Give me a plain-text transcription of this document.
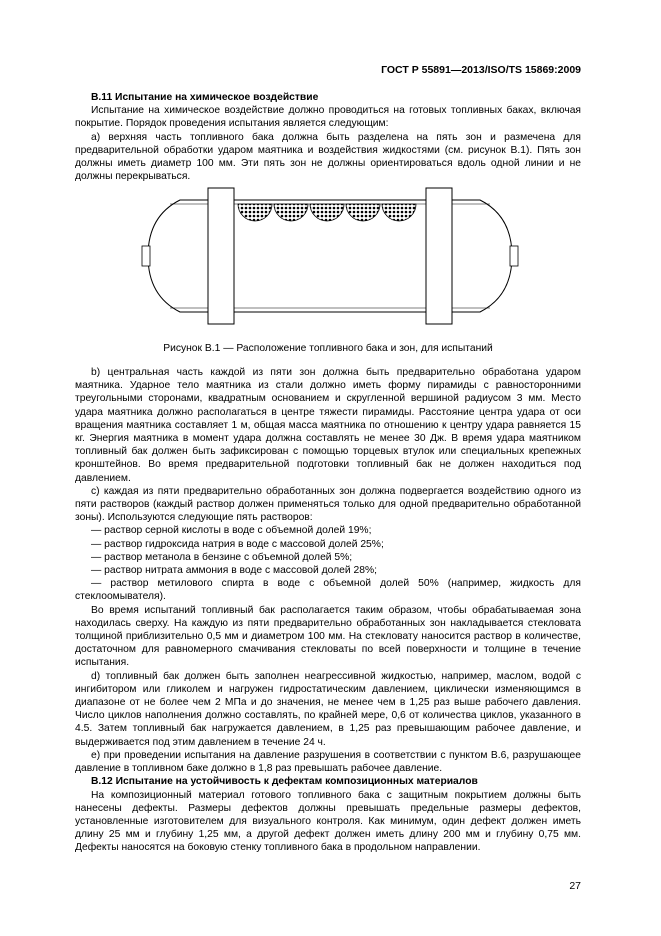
ГОСТ Р 55891—2013/ISO/TS 15869:2009

В.11 Испытание на химическое воздействие

Испытание на химическое воздействие должно проводиться на готовых топливных баках, включая покрытие. Порядок проведения испытания является следующим:

а) верхняя часть топливного бака должна быть разделена на пять зон и размечена для предварительной обработки ударом маятника и воздействия жидкостями (см. рисунок В.1). Пять зон должны иметь диаметр 100 мм. Эти пять зон не должны ориентироваться вдоль одной линии и не должны перекрываться.

Рисунок В.1 — Расположение топливного бака и зон, для испытаний

b) центральная часть каждой из пяти зон должна быть предварительно обработана ударом маятника. Ударное тело маятника из стали должно иметь форму пирамиды с равносторонними треугольными сторонами, квадратным основанием и скругленной вершиной радиусом 3 мм. Место удара маятника должно располагаться в центре тяжести пирамиды. Расстояние центра удара от оси вращения маятника составляет 1 м, общая масса маятника по отношению к центру удара равняется 15 кг. Энергия маятника в момент удара должна составлять не менее 30 Дж. В время удара маятником топливный бак должен быть зафиксирован с помощью торцевых втулок или специальных крепежных кронштейнов. Во время предварительной подготовки топливный бак не должен находиться под давлением.

с) каждая из пяти предварительно обработанных зон должна подвергается воздействию одного из пяти растворов (каждый раствор должен применяться только для одной предварительно обработанной зоны). Используются следующие пять растворов:

— раствор серной кислоты в воде с объемной долей 19%;

— раствор гидроксида натрия в воде с массовой долей 25%;

— раствор метанола в бензине с объемной долей 5%;

— раствор нитрата аммония в воде с массовой долей 28%;

— раствор метилового спирта в воде с объемной долей 50% (например, жидкость для стеклоомывателя).

Во время испытаний топливный бак располагается таким образом, чтобы обрабатываемая зона находилась сверху. На каждую из пяти предварительно обработанных зон накладывается стекловата толщиной приблизительно 0,5 мм и диаметром 100 мм. На стекловату наносится раствор в количестве, достаточном для равномерного смачивания стекловаты по всей поверхности и толщине в течение испытания.

d) топливный бак должен быть заполнен неагрессивной жидкостью, например, маслом, водой с ингибитором или гликолем и нагружен гидростатическим давлением, циклически изменяющимся в диапазоне от не более чем 2 МПа и до значения, не менее чем в 1,25 раз выше рабочего давления. Число циклов наполнения должно составлять, по крайней мере, 0,6 от количества циклов, указанного в 4.5. Затем топливный бак нагружается давлением, в 1,25 раз превышающим рабочее давление, и выдерживается под этим давлением в течение 24 ч.

е) при проведении испытания на давление разрушения в соответствии с пунктом В.6, разрушающее давление в топливном баке должно в 1,8 раз превышать рабочее давление.

В.12 Испытание на устойчивость к дефектам композиционных материалов

На композиционный материал готового топливного бака с защитным покрытием должны быть нанесены дефекты. Размеры дефектов должны превышать предельные размеры дефектов, установленные изготовителем для визуального контроля. Как минимум, один дефект должен иметь длину 25 мм и глубину 1,25 мм, а другой дефект должен иметь длину 200 мм и глубину 0,75 мм. Дефекты наносятся на боковую стенку топливного бака в продольном направлении.

27
